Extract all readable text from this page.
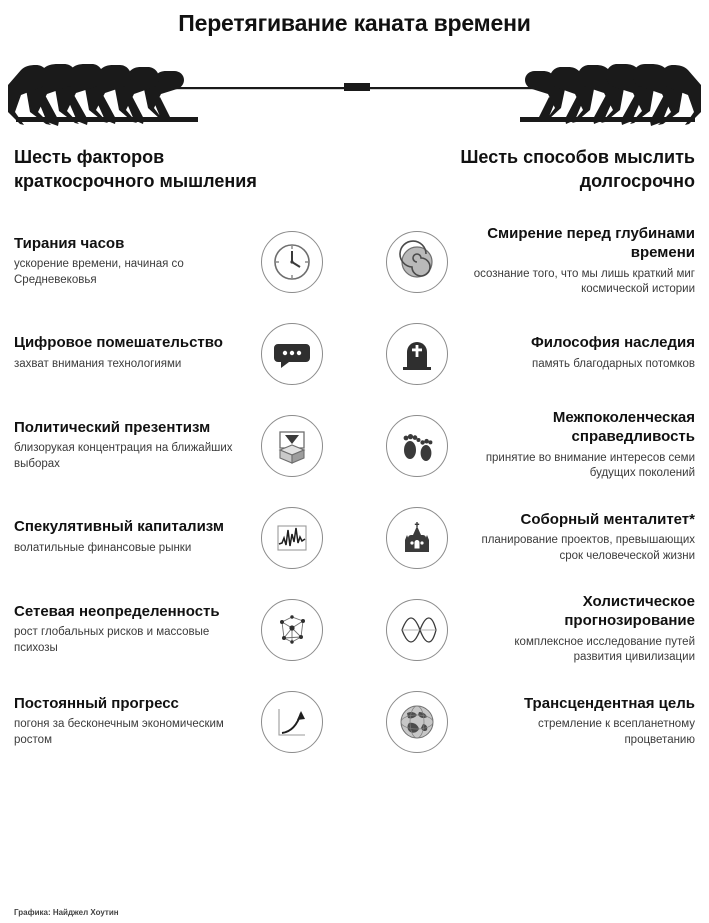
Перетягивание каната времени
Шесть факторов краткосрочного мышления
Шесть способов мыслить долгосрочно
Тирания часов
ускорение времени, начиная со Средневековья
Смирение перед глубинами времени
осознание того, что мы лишь краткий миг космической истории
Цифровое помешательство
захват внимания технологиями
Философия наследия
память благодарных потомков
Политический презентизм
близорукая концентрация на ближайших выборах
Межпоколенческая справедливость
принятие во внимание интересов семи будущих поколений
Спекулятивный капитализм
волатильные финансовые рынки
Соборный менталитет*
планирование проектов, превышающих срок человеческой жизни
Сетевая неопределенность
рост глобальных рисков и массовые психозы
Холистическое прогнозирование
комплексное исследование путей развития цивилизации
Постоянный прогресс
погоня за бесконечным экономическим ростом
Трансцендентная цель
стремление к всепланетному процветанию
Графика: Найджел Хоутин
